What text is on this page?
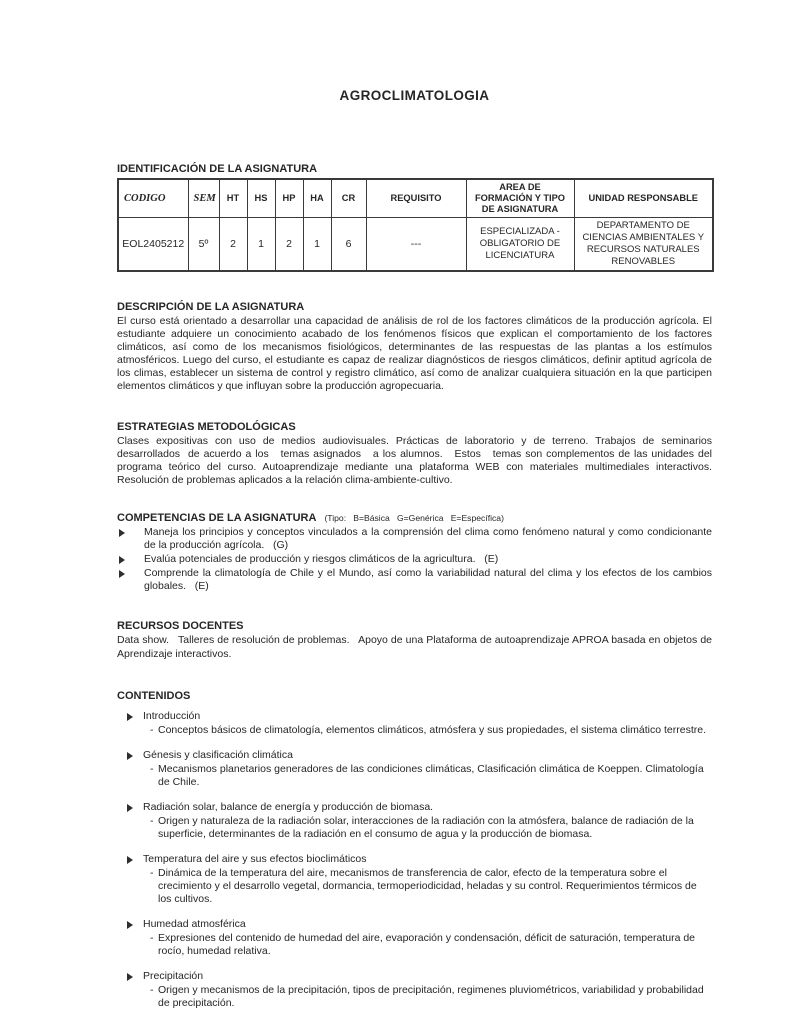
AGROCLIMATOLOGIA
IDENTIFICACIÓN DE LA ASIGNATURA
CODIGO	SEM	HT	HS	HP	HA	CR	REQUISITO	AREA DE FORMACIÓN Y TIPO DE ASIGNATURA	UNIDAD RESPONSABLE
EOL2405212	5º	2	1	2	1	6	---	ESPECIALIZADA - OBLIGATORIO DE LICENCIATURA	DEPARTAMENTO DE CIENCIAS AMBIENTALES Y RECURSOS NATURALES RENOVABLES
DESCRIPCIÓN DE LA ASIGNATURA

El curso está orientado a desarrollar una capacidad de análisis de rol de los factores climáticos de la producción agrícola. El estudiante adquiere un conocimiento acabado de los fenómenos físicos que explican el comportamiento de los factores climáticos, así como de los mecanismos fisiológicos, determinantes de las respuestas de las plantas a los estímulos atmosféricos. Luego del curso, el estudiante es capaz de realizar diagnósticos de riesgos climáticos, definir aptitud agrícola de los climas, establecer un sistema de control y registro climático, así como de analizar cualquiera situación en la que participen elementos climáticos y que influyan sobre la producción agropecuaria.

ESTRATEGIAS METODOLÓGICAS

Clases expositivas con uso de medios audiovisuales. Prácticas de laboratorio y de terreno. Trabajos de seminarios desarrollados  de acuerdo a los   temas asignados   a los alumnos.   Estos   temas son complementos de las unidades del programa teórico del curso. Autoaprendizaje mediante una plataforma WEB con materiales multimediales interactivos. Resolución de problemas aplicados a la relación clima-ambiente-cultivo.

COMPETENCIAS DE LA ASIGNATURA (Tipo:   B=Básica   G=Genérica   E=Específica)
Maneja los principios y conceptos vinculados a la comprensión del clima como fenómeno natural y como condicionante de la producción agrícola.   (G)
Evalúa potenciales de producción y riesgos climáticos de la agricultura.   (E)
Comprende la climatología de Chile y el Mundo, así como la variabilidad natural del clima y los efectos de los cambios globales.   (E)
RECURSOS DOCENTES

Data show.   Talleres de resolución de problemas.   Apoyo de una Plataforma de autoaprendizaje APROA basada en objetos de Aprendizaje interactivos.

CONTENIDOS
Introducción
- Conceptos básicos de climatología, elementos climáticos, atmósfera y sus propiedades, el sistema climático terrestre.
Génesis y clasificación climática
- Mecanismos planetarios generadores de las condiciones climáticas, Clasificación climática de Koeppen. Climatología de Chile.
Radiación solar, balance de energía y producción de biomasa.
- Origen y naturaleza de la radiación solar, interacciones de la radiación con la atmósfera, balance de radiación de la superficie, determinantes de la radiación en el consumo de agua y la producción de biomasa.
Temperatura del aire y sus efectos bioclimáticos
- Dinámica de la temperatura del aire, mecanismos de transferencia de calor, efecto de la temperatura sobre el crecimiento y el desarrollo vegetal, dormancia, termoperiodicidad, heladas y su control. Requerimientos térmicos de los cultivos.
Humedad atmosférica
- Expresiones del contenido de humedad del aire, evaporación y condensación, déficit de saturación, temperatura de rocío, humedad relativa.
Precipitación
- Origen y mecanismos de la precipitación, tipos de precipitación, regimenes pluviométricos, variabilidad y probabilidad de precipitación.
